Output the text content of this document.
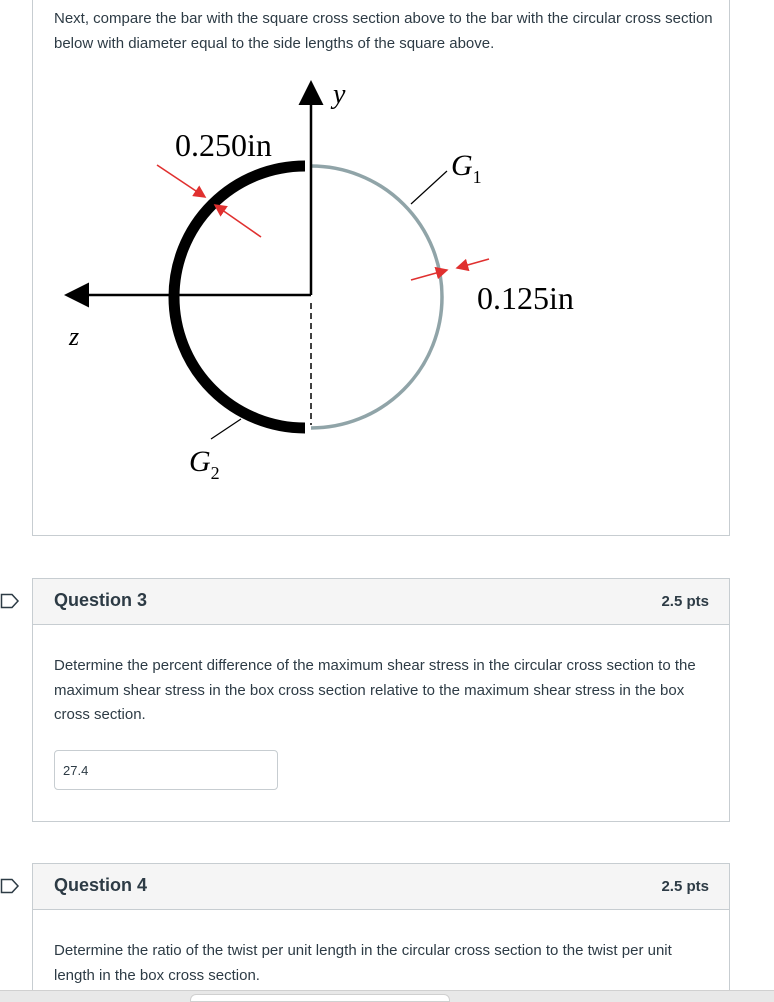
Next, compare the bar with the square cross section above to the bar with the circular cross section below with diameter equal to the side lengths of the square above.
y
z
0.250in
0.125in
$G_1$
$G_2$
Question 3	2.5 pts
Determine the percent difference of the maximum shear stress in the circular cross section to the maximum shear stress in the box cross section relative to the maximum shear stress in the box cross section.
27.4
Question 4	2.5 pts
Determine the ratio of the twist per unit length in the circular cross section to the twist per unit length in the box cross section.
